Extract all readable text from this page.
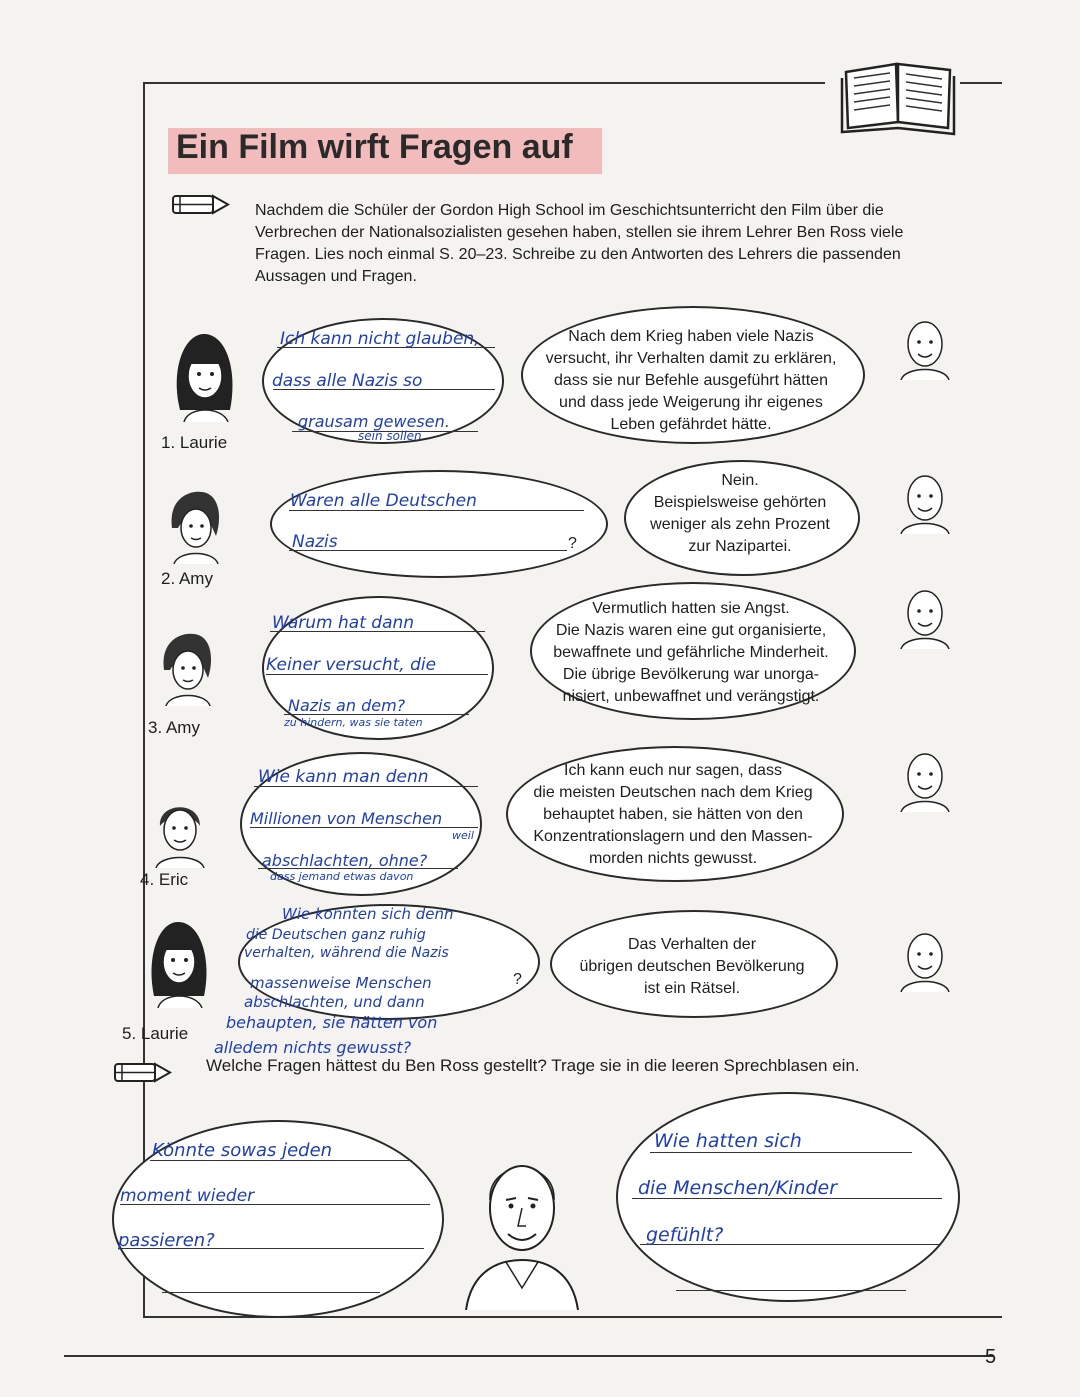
Ein Film wirft Fragen auf
Nachdem die Schüler der Gordon High School im Geschichtsunterricht den Film über die Verbrechen der Nationalsozialisten gesehen haben, stellen sie ihrem Lehrer Ben Ross viele Fragen. Lies noch einmal S. 20–23. Schreibe zu den Antworten des Lehrers die passenden Aussagen und Fragen.
1. Laurie
Ich kann nicht glauben,
dass alle Nazis so
grausam gewesen.
sein sollen
Nach dem Krieg haben viele Nazis
versucht, ihr Verhalten damit zu erklären,
dass sie nur Befehle ausgeführt hätten
und dass jede Weigerung ihr eigenes
Leben gefährdet hätte.
2. Amy
Waren alle Deutschen
Nazis	?
Nein.
Beispielsweise gehörten
weniger als zehn Prozent
zur Nazipartei.
3. Amy
Warum hat dann
Keiner versucht, die
Nazis an dem?
zu hindern, was sie taten
Vermutlich hatten sie Angst.
Die Nazis waren eine gut organisierte,
bewaffnete und gefährliche Minderheit.
Die übrige Bevölkerung war unorga-
nisiert, unbewaffnet und verängstigt.
4. Eric
Wie kann man denn
Millionen von Menschen
weil
abschlachten, ohne?
dass jemand etwas davon
Ich kann euch nur sagen, dass
die meisten Deutschen nach dem Krieg
behauptet haben, sie hätten von den
Konzentrationslagern und den Massen-
morden nichts gewusst.
5. Laurie
Wie konnten sich denn
die Deutschen ganz ruhig
verhalten, während die Nazis
massenweise Menschen
abschlachten, und dann
behaupten, sie hätten von
alledem nichts gewusst?
?
Das Verhalten der
übrigen deutschen Bevölkerung
ist ein Rätsel.
Welche Fragen hättest du Ben Ross gestellt? Trage sie in die leeren Sprechblasen ein.
Könnte sowas jeden
moment wieder
passieren?
Wie hatten sich
die Menschen/Kinder
gefühlt?
5
